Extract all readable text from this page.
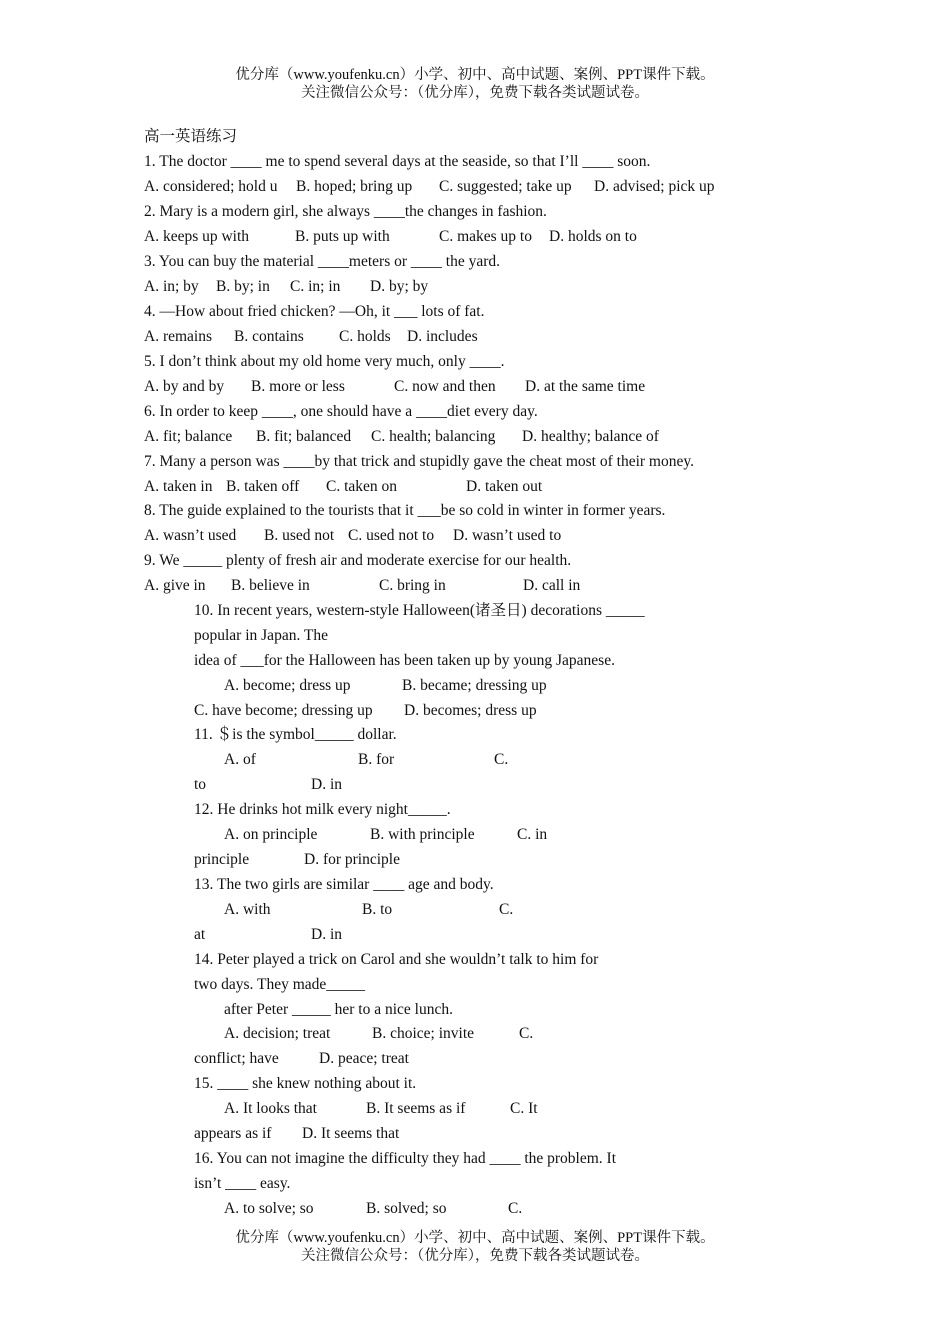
优分库（www.youfenku.cn）小学、初中、高中试题、案例、PPT课件下载。
关注微信公众号：（优分库），免费下载各类试题试卷。
高一英语练习
1. The doctor ____ me to spend several days at the seaside, so that I’ll ____ soon.
A. considered; hold u B. hoped; bring up C. suggested; take up D. advised; pick up
2. Mary is a modern girl, she always ____the changes in fashion.
A. keeps up with	B. puts up with	C. makes up to D. holds on to
3. You can buy the material ____meters or ____ the yard.
A. in; by B. by; in C. in; in D. by; by
4. —How about fried chicken? —Oh, it ___ lots of fat.
A. remains B. contains C. holds D. includes
5. I don’t think about my old home very much, only ____.
A. by and by B. more or less	C. now and then D. at the same time
6. In order to keep ____, one should have a ____diet every day.
A. fit; balance B. fit; balanced C. health; balancing D. healthy; balance of
7. Many a person was ____by that trick and stupidly gave the cheat most of their money.
A. taken in B. taken off C. taken on	D. taken out
8. The guide explained to the tourists that it ___be so cold in winter in former years.
A. wasn’t used B. used not C. used not to D. wasn’t used to
9. We _____ plenty of fresh air and moderate exercise for our health.
A. give in B. believe in	C. bring in	D. call in
10. In recent years, western-style Halloween(诸圣日) decorations _____
popular in Japan. The
idea of ___for the Halloween has been taken up by young Japanese.
A. become; dress up	B. became; dressing up
C. have become; dressing up D. becomes; dress up
11. ＄is the symbol_____ dollar.
A. of	B. for	C.
to	D. in
12. He drinks hot milk every night_____.
A. on principle	B. with principle	C. in
principle	D. for principle
13. The two girls are similar ____ age and body.
A. with	B. to	C.
at	D. in
14. Peter played a trick on Carol and she wouldn’t talk to him for
two days. They made_____
after Peter _____ her to a nice lunch.
A. decision; treat	B. choice; invite	C.
conflict; have	D. peace; treat
15. ____ she knew nothing about it.
A. It looks that	B. It seems as if	C. It
appears as if D. It seems that
16. You can not imagine the difficulty they had ____ the problem. It
isn’t ____ easy.
A. to solve; so	B. solved; so	C.
优分库（www.youfenku.cn）小学、初中、高中试题、案例、PPT课件下载。
关注微信公众号：（优分库），免费下载各类试题试卷。
